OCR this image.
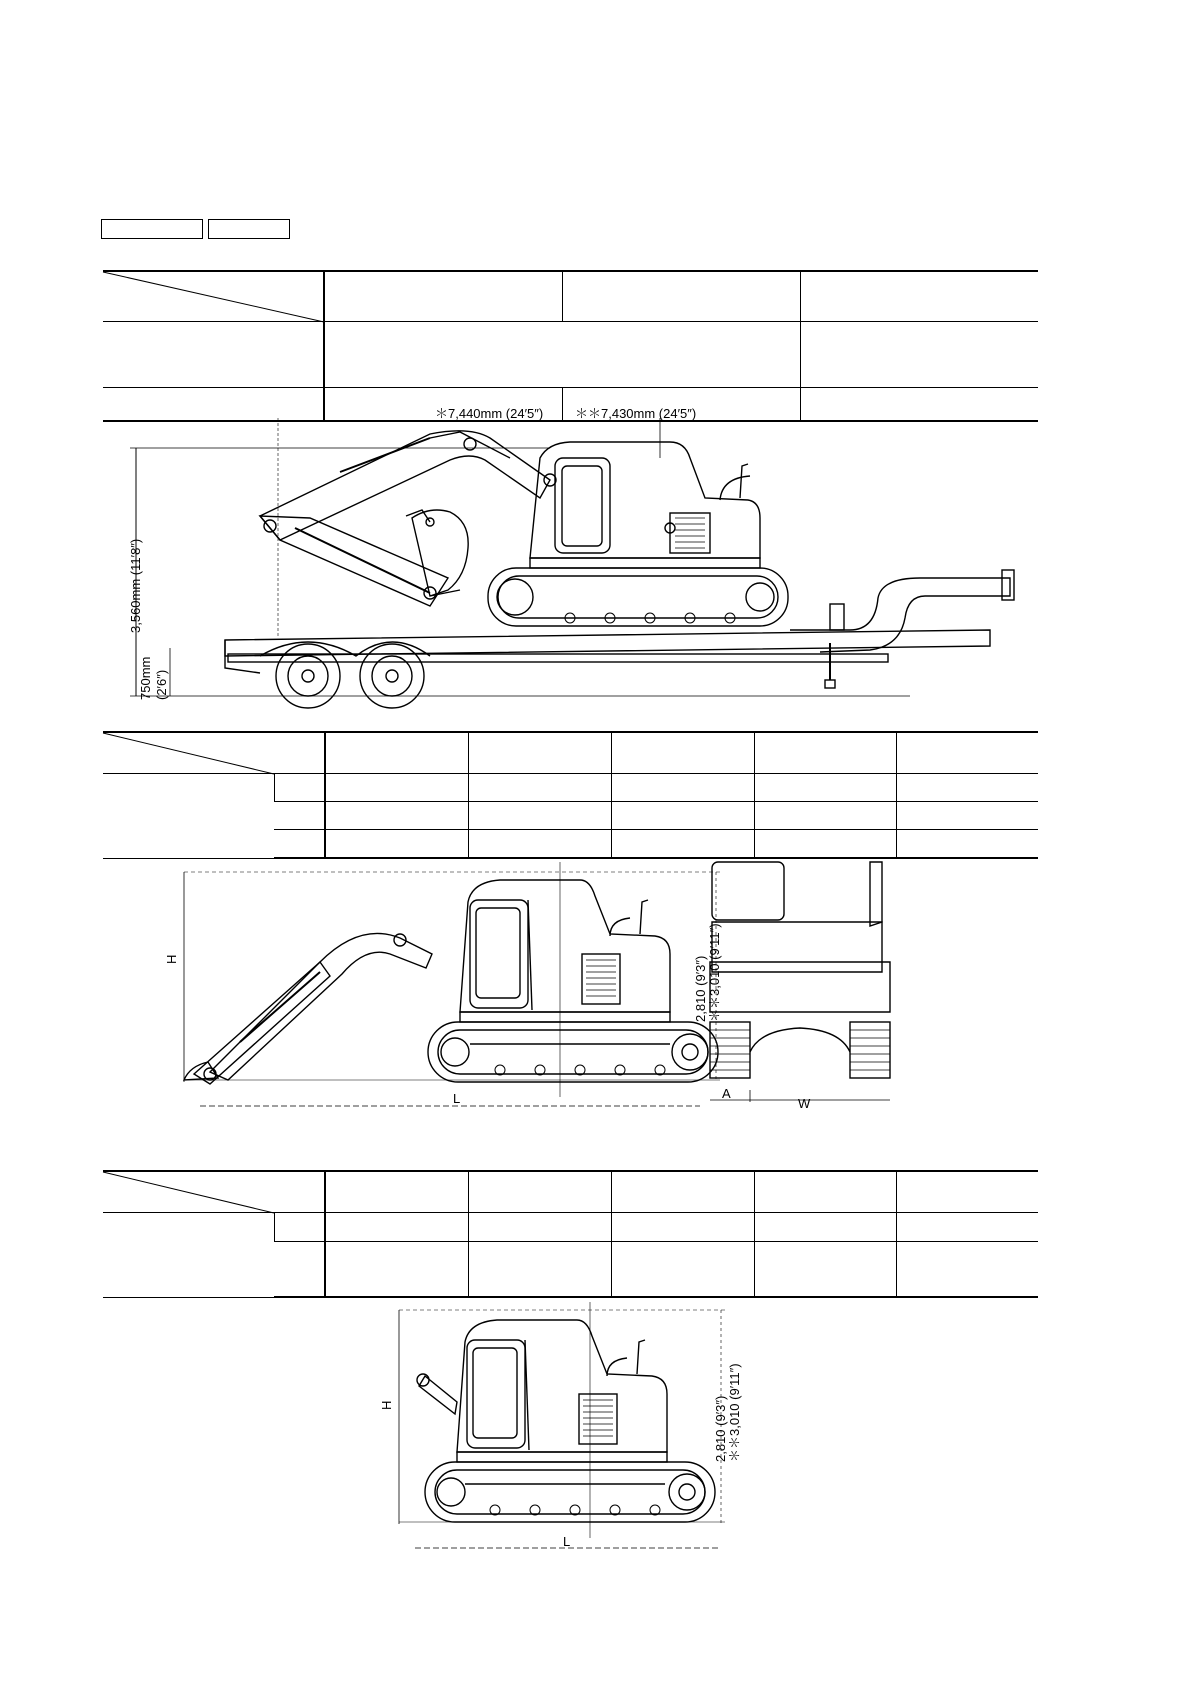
＊7,440mm (24′5″) ＊＊7,430mm (24′5″)
3,560mm (11′8″)
750mm (2′6″)

H
L
2,810 (9′3″) ＊＊3,010 (9′11″)
A
W

H
L
2,810 (9′3″) ＊＊3,010 (9′11″)
